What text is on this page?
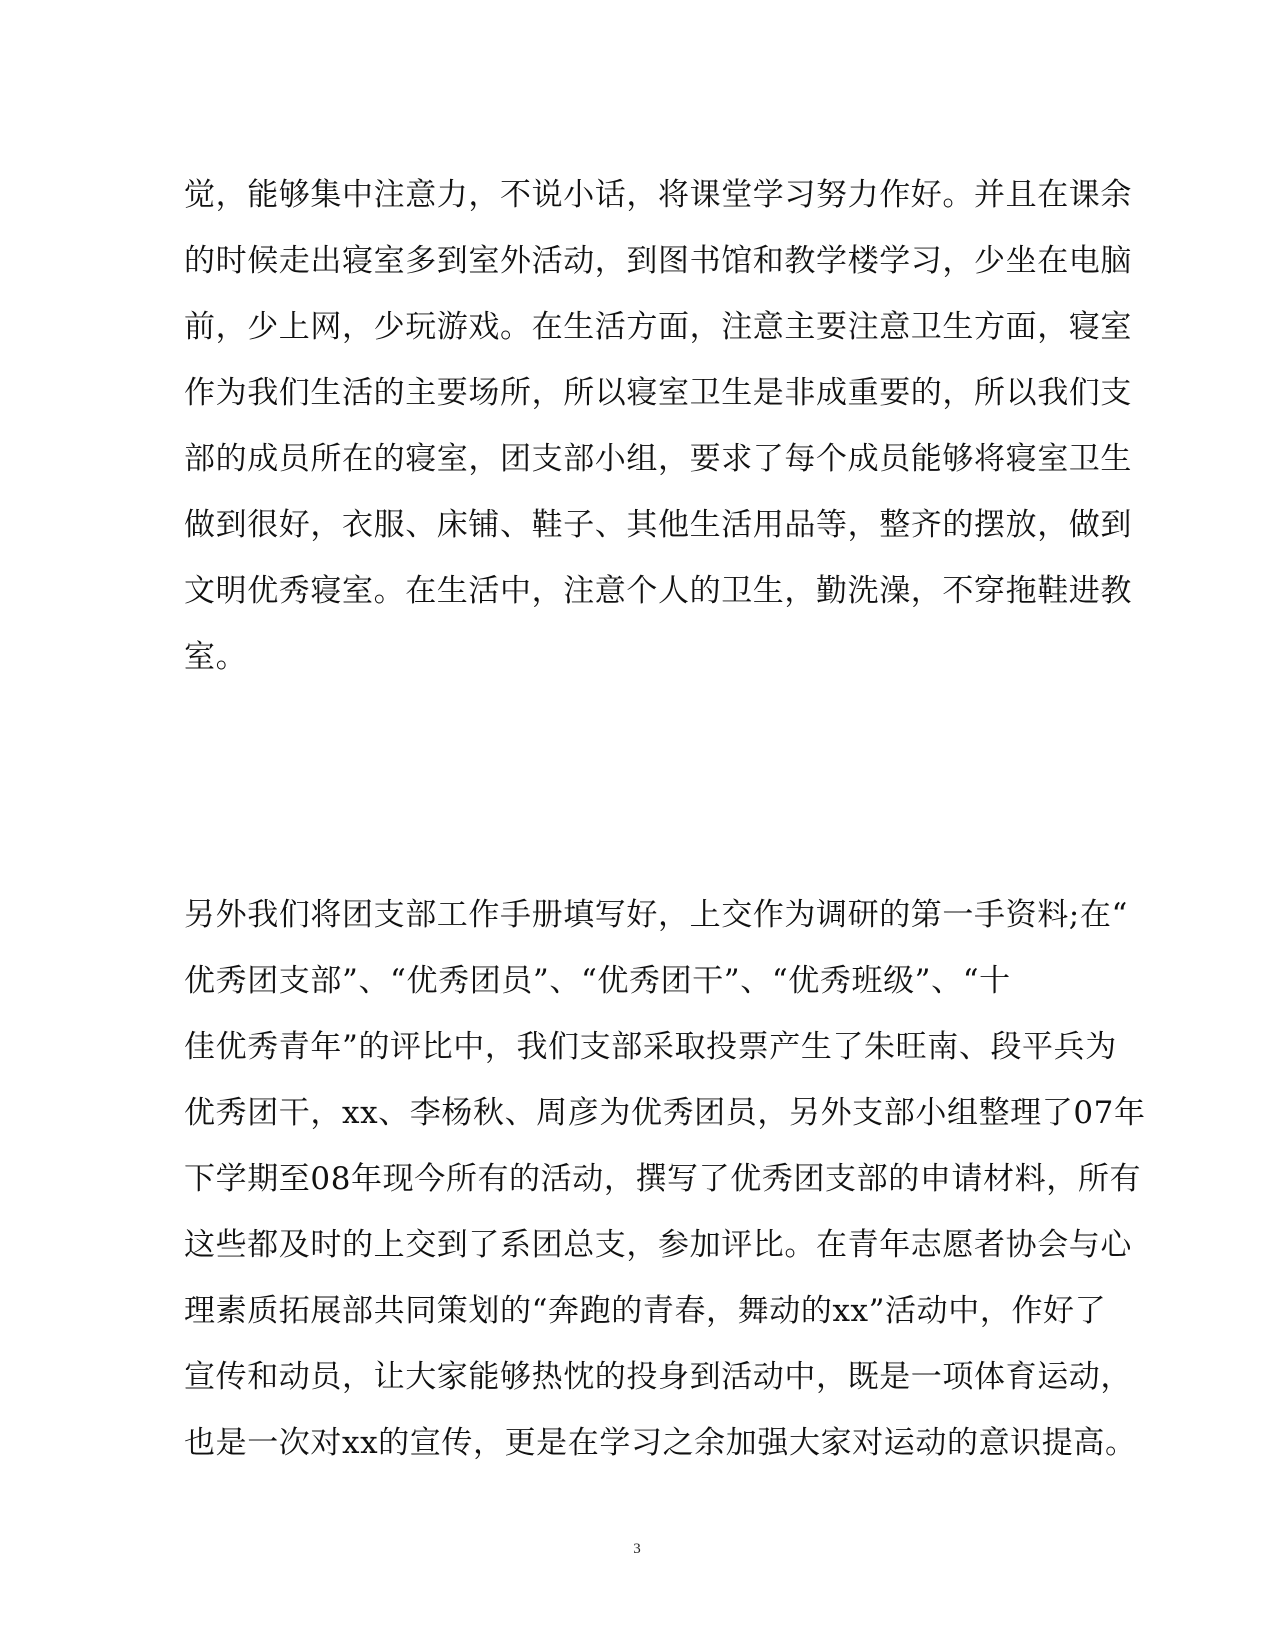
觉，能够集中注意力，不说小话，将课堂学习努力作好。并且在课余
的时候走出寝室多到室外活动，到图书馆和教学楼学习，少坐在电脑
前，少上网，少玩游戏。在生活方面，注意主要注意卫生方面，寝室
作为我们生活的主要场所，所以寝室卫生是非成重要的，所以我们支
部的成员所在的寝室，团支部小组，要求了每个成员能够将寝室卫生
做到很好，衣服、床铺、鞋子、其他生活用品等，整齐的摆放，做到
文明优秀寝室。在生活中，注意个人的卫生，勤洗澡，不穿拖鞋进教
室。
另外我们将团支部工作手册填写好，上交作为调研的第一手资料;在“
优秀团支部”、“优秀团员”、“优秀团干”、“优秀班级”、“十
佳优秀青年”的评比中，我们支部采取投票产生了朱旺南、段平兵为
优秀团干，xx、李杨秋、周彦为优秀团员，另外支部小组整理了07年
下学期至08年现今所有的活动，撰写了优秀团支部的申请材料，所有
这些都及时的上交到了系团总支，参加评比。在青年志愿者协会与心
理素质拓展部共同策划的“奔跑的青春，舞动的xx”活动中，作好了
宣传和动员，让大家能够热忱的投身到活动中，既是一项体育运动，
也是一次对xx的宣传，更是在学习之余加强大家对运动的意识提高。
3
